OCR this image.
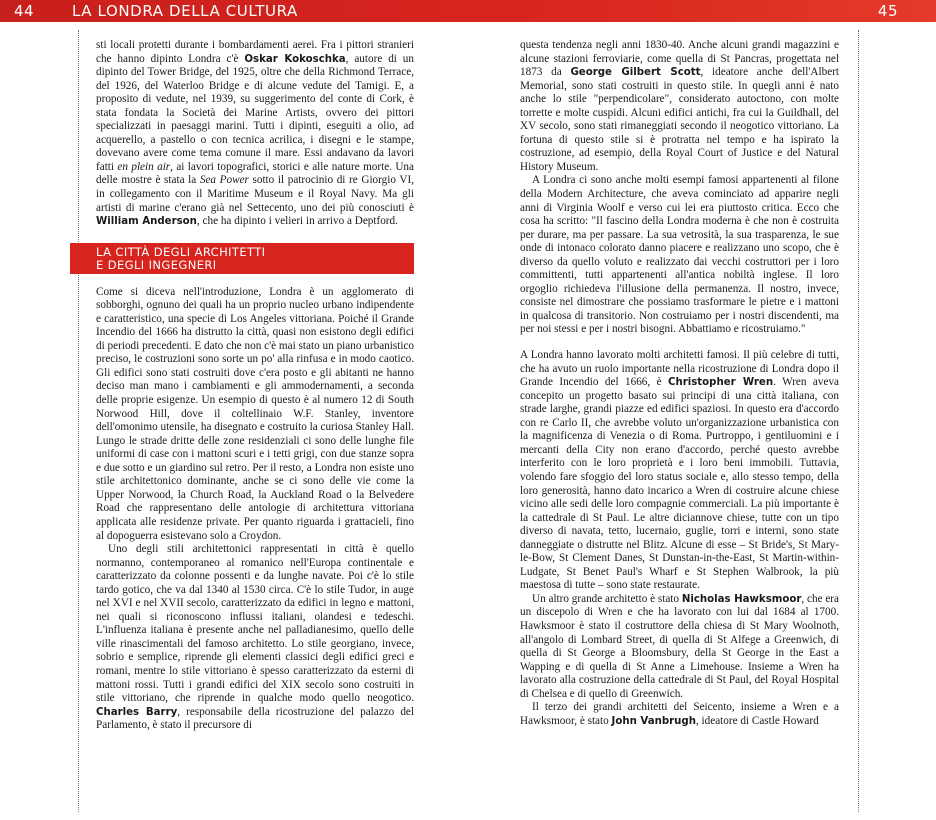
44	LA LONDRA DELLA CULTURA	45

sti locali protetti durante i bombardamenti aerei. Fra i pittori stranieri che hanno dipinto Londra c'è Oskar Kokoschka, autore di un dipinto del Tower Bridge, del 1925, oltre che della Richmond Terrace, del 1926, del Waterloo Bridge e di alcune vedute del Tamigi. E, a proposito di vedute, nel 1939, su suggerimento del conte di Cork, è stata fondata la Società dei Marine Artists, ovvero dei pittori specializzati in paesaggi marini. Tutti i dipinti, eseguiti a olio, ad acquerello, a pastello o con tecnica acrilica, i disegni e le stampe, dovevano avere come tema comune il mare. Essi andavano da lavori fatti en plein air, ai lavori topografici, storici e alle nature morte. Una delle mostre è stata la Sea Power sotto il patrocinio di re Giorgio VI, in collegamento con il Maritime Museum e il Royal Navy. Ma gli artisti di marine c'erano già nel Settecento, uno dei più conosciuti è William Anderson, che ha dipinto i velieri in arrivo a Deptford.

LA CITTÀ DEGLI ARCHITETTI
E DEGLI INGEGNERI

Come si diceva nell'introduzione, Londra è un agglomerato di sobborghi, ognuno dei quali ha un proprio nucleo urbano indipendente e caratteristico, una specie di Los Angeles vittoriana. Poiché il Grande Incendio del 1666 ha distrutto la città, quasi non esistono degli edifici di periodi precedenti. E dato che non c'è mai stato un piano urbanistico preciso, le costruzioni sono sorte un po' alla rinfusa e in modo caotico. Gli edifici sono stati costruiti dove c'era posto e gli abitanti ne hanno deciso man mano i cambiamenti e gli ammodernamenti, a seconda delle proprie esigenze. Un esempio di questo è al numero 12 di South Norwood Hill, dove il coltellinaio W.F. Stanley, inventore dell'omonimo utensile, ha disegnato e costruito la curiosa Stanley Hall. Lungo le strade dritte delle zone residenziali ci sono delle lunghe file uniformi di case con i mattoni scuri e i tetti grigi, con due stanze sopra e due sotto e un giardino sul retro. Per il resto, a Londra non esiste uno stile architettonico dominante, anche se ci sono delle vie come la Upper Norwood, la Church Road, la Auckland Road o la Belvedere Road che rappresentano delle antologie di architettura vittoriana applicata alle residenze private. Per quanto riguarda i grattacieli, fino al dopoguerra esistevano solo a Croydon.

Uno degli stili architettonici rappresentati in città è quello normanno, contemporaneo al romanico nell'Europa continentale e caratterizzato da colonne possenti e da lunghe navate. Poi c'è lo stile tardo gotico, che va dal 1340 al 1530 circa. C'è lo stile Tudor, in auge nel XVI e nel XVII secolo, caratterizzato da edifici in legno e mattoni, nei quali si riconoscono influssi italiani, olandesi e tedeschi. L'influenza italiana è presente anche nel palladianesimo, quello delle ville rinascimentali del famoso architetto. Lo stile georgiano, invece, sobrio e semplice, riprende gli elementi classici degli edifici greci e romani, mentre lo stile vittoriano è spesso caratterizzato da esterni di mattoni rossi. Tutti i grandi edifici del XIX secolo sono costruiti in stile vittoriano, che riprende in qualche modo quello neogotico. Charles Barry, responsabile della ricostruzione del palazzo del Parlamento, è stato il precursore di

questa tendenza negli anni 1830-40. Anche alcuni grandi magazzini e alcune stazioni ferroviarie, come quella di St Pancras, progettata nel 1873 da George Gilbert Scott, ideatore anche dell'Albert Memorial, sono stati costruiti in questo stile. In quegli anni è nato anche lo stile "perpendicolare", considerato autoctono, con molte torrette e molte cuspidi. Alcuni edifici antichi, fra cui la Guildhall, del XV secolo, sono stati rimaneggiati secondo il neogotico vittoriano. La fortuna di questo stile si è protratta nel tempo e ha ispirato la costruzione, ad esempio, della Royal Court of Justice e del Natural History Museum.

A Londra ci sono anche molti esempi famosi appartenenti al filone della Modern Architecture, che aveva cominciato ad apparire negli anni di Virginia Woolf e verso cui lei era piuttosto critica. Ecco che cosa ha scritto: "Il fascino della Londra moderna è che non è costruita per durare, ma per passare. La sua vetrosità, la sua trasparenza, le sue onde di intonaco colorato danno piacere e realizzano uno scopo, che è diverso da quello voluto e realizzato dai vecchi costruttori per i loro committenti, tutti appartenenti all'antica nobiltà inglese. Il loro orgoglio richiedeva l'illusione della permanenza. Il nostro, invece, consiste nel dimostrare che possiamo trasformare le pietre e i mattoni in qualcosa di transitorio. Non costruiamo per i nostri discendenti, ma per noi stessi e per i nostri bisogni. Abbattiamo e ricostruiamo."

A Londra hanno lavorato molti architetti famosi. Il più celebre di tutti, che ha avuto un ruolo importante nella ricostruzione di Londra dopo il Grande Incendio del 1666, è Christopher Wren. Wren aveva concepito un progetto basato sui principi di una città italiana, con strade larghe, grandi piazze ed edifici spaziosi. In questo era d'accordo con re Carlo II, che avrebbe voluto un'organizzazione urbanistica con la magnificenza di Venezia o di Roma. Purtroppo, i gentiluomini e i mercanti della City non erano d'accordo, perché questo avrebbe interferito con le loro proprietà e i loro beni immobili. Tuttavia, volendo fare sfoggio del loro status sociale e, allo stesso tempo, della loro generosità, hanno dato incarico a Wren di costruire alcune chiese vicino alle sedi delle loro compagnie commerciali. La più importante è la cattedrale di St Paul. Le altre diciannove chiese, tutte con un tipo diverso di navata, tetto, lucernaio, guglie, torri e interni, sono state danneggiate o distrutte nel Blitz. Alcune di esse – St Bride's, St Mary-le-Bow, St Clement Danes, St Dunstan-in-the-East, St Martin-within-Ludgate, St Benet Paul's Wharf e St Stephen Walbrook, la più maestosa di tutte – sono state restaurate.

Un altro grande architetto è stato Nicholas Hawksmoor, che era un discepolo di Wren e che ha lavorato con lui dal 1684 al 1700. Hawksmoor è stato il costruttore della chiesa di St Mary Woolnoth, all'angolo di Lombard Street, di quella di St Alfege a Greenwich, di quella di St George a Bloomsbury, della St George in the East a Wapping e di quella di St Anne a Limehouse. Insieme a Wren ha lavorato alla costruzione della cattedrale di St Paul, del Royal Hospital di Chelsea e di quello di Greenwich.

Il terzo dei grandi architetti del Seicento, insieme a Wren e a Hawksmoor, è stato John Vanbrugh, ideatore di Castle Howard
